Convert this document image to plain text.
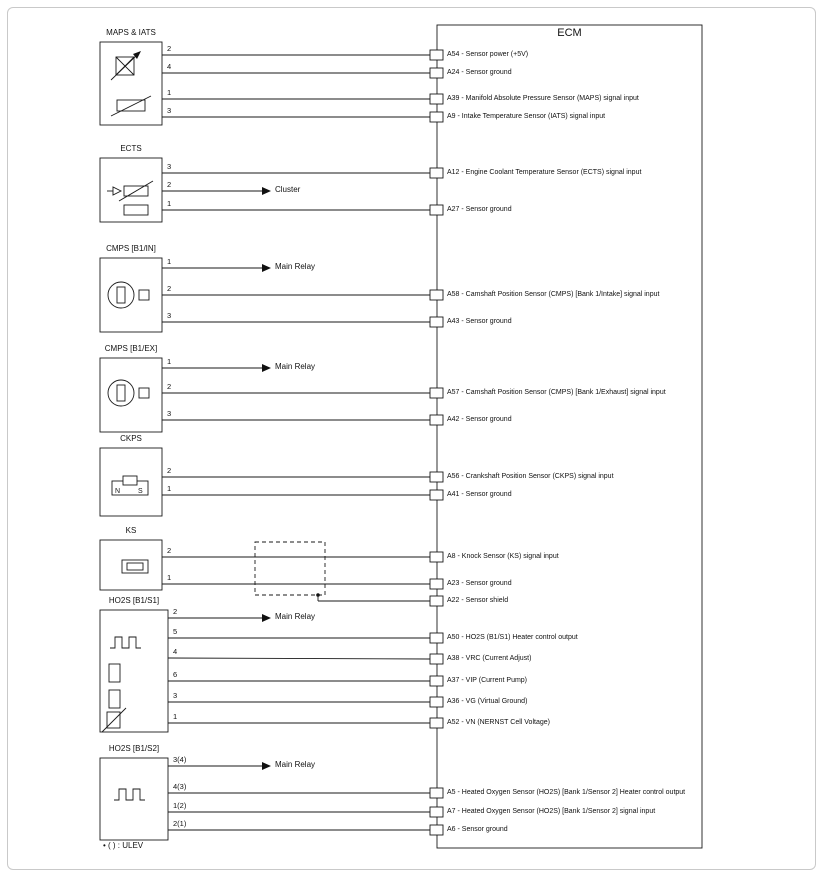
N	S
ECM
MAPS & IATS
2
4
1
3
ECTS
3
2
Cluster
1
CMPS [B1/IN]
1
Main Relay
2
3
CMPS [B1/EX]
1
Main Relay
2
3
CKPS
2
1
KS
2
1
HO2S [B1/S1]
2
Main Relay
5
4
6
3
1
HO2S [B1/S2]
3(4)
Main Relay
4(3)
1(2)
2(1)
A54 - Sensor power (+5V)
A24 - Sensor ground
A39 - Manifold Absolute Pressure Sensor (MAPS) signal input
A9 - Intake Temperature Sensor (IATS) signal input
A12 - Engine Coolant Temperature Sensor (ECTS) signal input
A27 - Sensor ground
A58 - Camshaft Position Sensor (CMPS) [Bank 1/Intake] signal input
A43 - Sensor ground
A57 - Camshaft Position Sensor (CMPS) [Bank 1/Exhaust] signal input
A42 - Sensor ground
A56 - Crankshaft Position Sensor (CKPS) signal input
A41 - Sensor ground
A8 - Knock Sensor (KS) signal input
A23 - Sensor ground
A22 - Sensor shield
A50 - HO2S (B1/S1) Heater control output
A38 - VRC (Current Adjust)
A37 - VIP (Current Pump)
A36 - VG (Virtual Ground)
A52 - VN (NERNST Cell Voltage)
A5 - Heated Oxygen Sensor (HO2S) [Bank 1/Sensor 2] Heater control output
A7 - Heated Oxygen Sensor (HO2S) [Bank 1/Sensor 2] signal input
A6 - Sensor ground
• ( ) : ULEV
